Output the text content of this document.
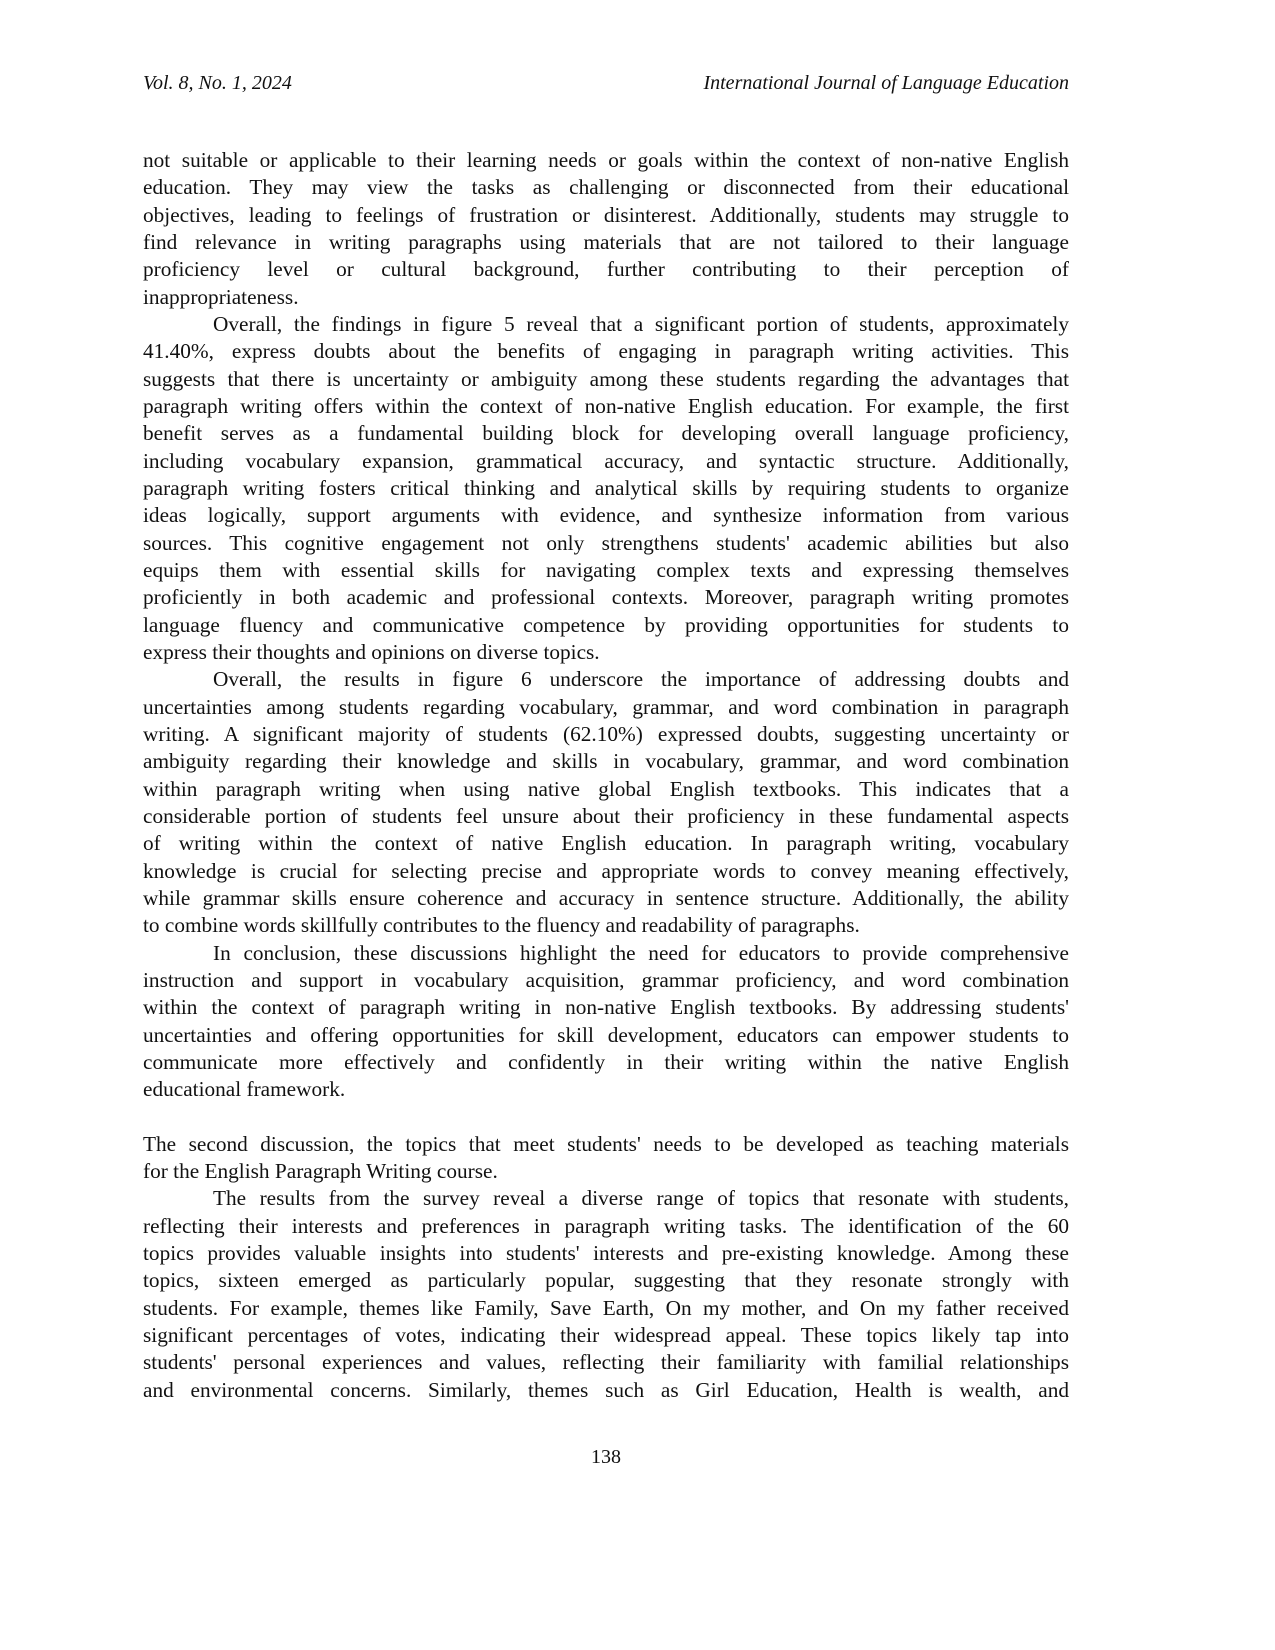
Vol. 8, No. 1, 2024	International Journal of Language Education
not suitable or applicable to their learning needs or goals within the context of non-native English
education. They may view the tasks as challenging or disconnected from their educational
objectives, leading to feelings of frustration or disinterest. Additionally, students may struggle to
find relevance in writing paragraphs using materials that are not tailored to their language
proficiency level or cultural background, further contributing to their perception of
inappropriateness.
Overall, the findings in figure 5 reveal that a significant portion of students, approximately
41.40%, express doubts about the benefits of engaging in paragraph writing activities. This
suggests that there is uncertainty or ambiguity among these students regarding the advantages that
paragraph writing offers within the context of non-native English education. For example, the first
benefit serves as a fundamental building block for developing overall language proficiency,
including vocabulary expansion, grammatical accuracy, and syntactic structure. Additionally,
paragraph writing fosters critical thinking and analytical skills by requiring students to organize
ideas logically, support arguments with evidence, and synthesize information from various
sources. This cognitive engagement not only strengthens students' academic abilities but also
equips them with essential skills for navigating complex texts and expressing themselves
proficiently in both academic and professional contexts. Moreover, paragraph writing promotes
language fluency and communicative competence by providing opportunities for students to
express their thoughts and opinions on diverse topics.
Overall, the results in figure 6 underscore the importance of addressing doubts and
uncertainties among students regarding vocabulary, grammar, and word combination in paragraph
writing. A significant majority of students (62.10%) expressed doubts, suggesting uncertainty or
ambiguity regarding their knowledge and skills in vocabulary, grammar, and word combination
within paragraph writing when using native global English textbooks. This indicates that a
considerable portion of students feel unsure about their proficiency in these fundamental aspects
of writing within the context of native English education. In paragraph writing, vocabulary
knowledge is crucial for selecting precise and appropriate words to convey meaning effectively,
while grammar skills ensure coherence and accuracy in sentence structure. Additionally, the ability
to combine words skillfully contributes to the fluency and readability of paragraphs.
In conclusion, these discussions highlight the need for educators to provide comprehensive
instruction and support in vocabulary acquisition, grammar proficiency, and word combination
within the context of paragraph writing in non-native English textbooks. By addressing students'
uncertainties and offering opportunities for skill development, educators can empower students to
communicate more effectively and confidently in their writing within the native English
educational framework.
The second discussion, the topics that meet students' needs to be developed as teaching materials
for the English Paragraph Writing course.
The results from the survey reveal a diverse range of topics that resonate with students,
reflecting their interests and preferences in paragraph writing tasks. The identification of the 60
topics provides valuable insights into students' interests and pre-existing knowledge. Among these
topics, sixteen emerged as particularly popular, suggesting that they resonate strongly with
students. For example, themes like Family, Save Earth, On my mother, and On my father received
significant percentages of votes, indicating their widespread appeal. These topics likely tap into
students' personal experiences and values, reflecting their familiarity with familial relationships
and environmental concerns. Similarly, themes such as Girl Education, Health is wealth, and
138
